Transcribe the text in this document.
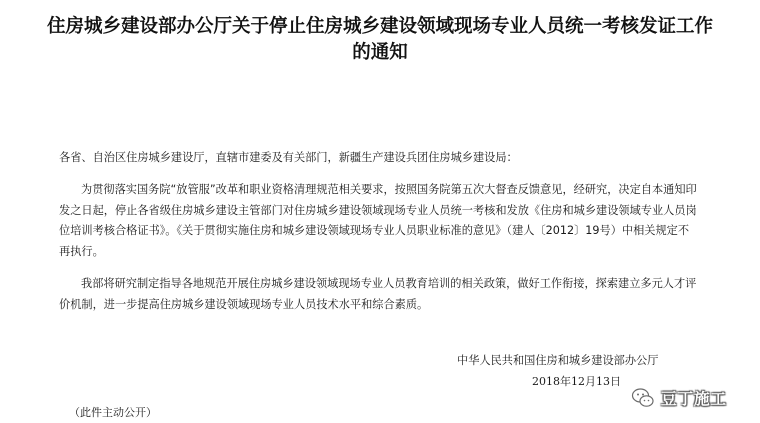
住房城乡建设部办公厅关于停止住房城乡建设领域现场专业人员统一考核发证工作
的通知

各省、自治区住房城乡建设厅，直辖市建委及有关部门，新疆生产建设兵团住房城乡建设局：

为贯彻落实国务院“放管服”改革和职业资格清理规范相关要求，按照国务院第五次大督查反馈意见，经研究，决定自本通知印发之日起，停止各省级住房城乡建设主管部门对住房城乡建设领域现场专业人员统一考核和发放《住房和城乡建设领域专业人员岗位培训考核合格证书》。《关于贯彻实施住房和城乡建设领域现场专业人员职业标准的意见》（建人〔2012〕19号）中相关规定不再执行。

我部将研究制定指导各地规范开展住房城乡建设领域现场专业人员教育培训的相关政策，做好工作衔接，探索建立多元人才评价机制，进一步提高住房城乡建设领域现场专业人员技术水平和综合素质。

中华人民共和国住房和城乡建设部办公厅

2018年12月13日

（此件主动公开）

豆丁施工
